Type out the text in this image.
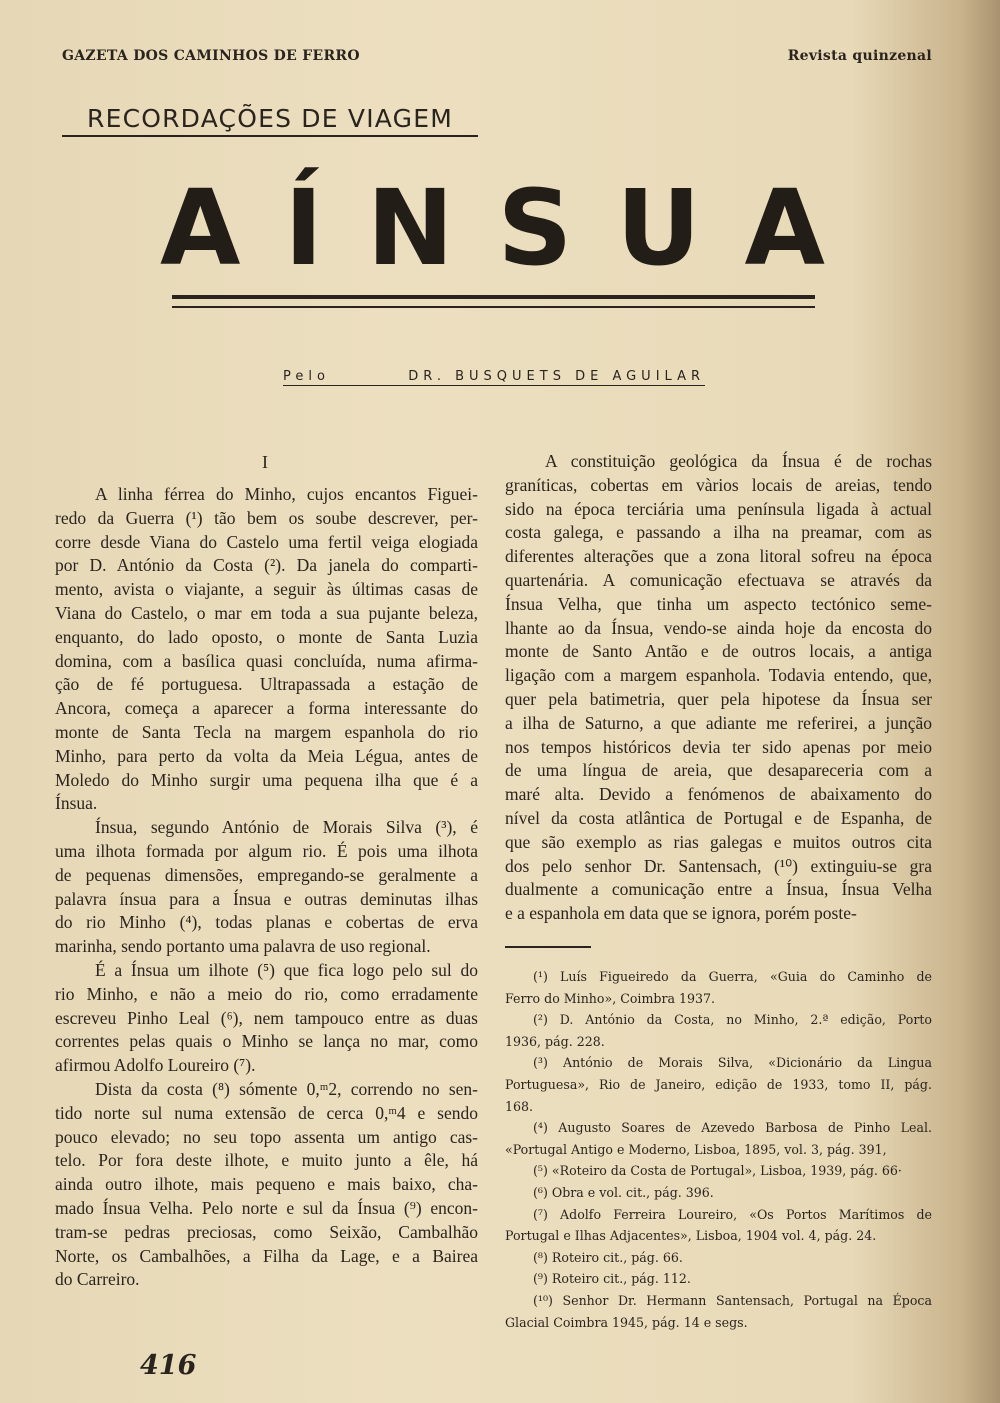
GAZETA DOS CAMINHOS DE FERRO	Revista quinzenal
RECORDAÇÕES DE VIAGEM
A Í N S U A
Pelo	DR. BUSQUETS DE AGUILAR
I
A linha férrea do Minho, cujos encantos Figuei-
redo da Guerra (¹) tão bem os soube descrever, per-
corre desde Viana do Castelo uma fertil veiga elogiada
por D. António da Costa (²). Da janela do comparti-
mento, avista o viajante, a seguir às últimas casas de
Viana do Castelo, o mar em toda a sua pujante beleza,
enquanto, do lado oposto, o monte de Santa Luzia
domina, com a basílica quasi concluída, numa afirma-
ção de fé portuguesa. Ultrapassada a estação de
Ancora, começa a aparecer a forma interessante do
monte de Santa Tecla na margem espanhola do rio
Minho, para perto da volta da Meia Légua, antes de
Moledo do Minho surgir uma pequena ilha que é a
Ínsua.
Ínsua, segundo António de Morais Silva (³), é
uma ilhota formada por algum rio. É pois uma ilhota
de pequenas dimensões, empregando-se geralmente a
palavra ínsua para a Ínsua e outras deminutas ilhas
do rio Minho (⁴), todas planas e cobertas de erva
marinha, sendo portanto uma palavra de uso regional.
É a Ínsua um ilhote (⁵) que fica logo pelo sul do
rio Minho, e não a meio do rio, como erradamente
escreveu Pinho Leal (⁶), nem tampouco entre as duas
correntes pelas quais o Minho se lança no mar, como
afirmou Adolfo Loureiro (⁷).
Dista da costa (⁸) sómente 0,ᵐ2, correndo no sen-
tido norte sul numa extensão de cerca 0,ᵐ4 e sendo
pouco elevado; no seu topo assenta um antigo cas-
telo. Por fora deste ilhote, e muito junto a êle, há
ainda outro ilhote, mais pequeno e mais baixo, cha-
mado Ínsua Velha. Pelo norte e sul da Ínsua (⁹) encon-
tram-se pedras preciosas, como Seixão, Cambalhão
Norte, os Cambalhões, a Filha da Lage, e a Bairea
do Carreiro.
A constituição geológica da Ínsua é de rochas
graníticas, cobertas em vàrios locais de areias, tendo
sido na época terciária uma península ligada à actual
costa galega, e passando a ilha na preamar, com as
diferentes alterações que a zona litoral sofreu na época
quartenária. A comunicação efectuava se através da
Ínsua Velha, que tinha um aspecto tectónico seme-
lhante ao da Ínsua, vendo-se ainda hoje da encosta do
monte de Santo Antão e de outros locais, a antiga
ligação com a margem espanhola. Todavia entendo, que,
quer pela batimetria, quer pela hipotese da Ínsua ser
a ilha de Saturno, a que adiante me referirei, a junção
nos tempos históricos devia ter sido apenas por meio
de uma língua de areia, que desapareceria com a
maré alta. Devido a fenómenos de abaixamento do
nível da costa atlântica de Portugal e de Espanha, de
que são exemplo as rias galegas e muitos outros cita
dos pelo senhor Dr. Santensach, (¹⁰) extinguiu-se gra
dualmente a comunicação entre a Ínsua, Ínsua Velha
e a espanhola em data que se ignora, porém poste-
(¹) Luís Figueiredo da Guerra, «Guia do Caminho de
Ferro do Minho», Coimbra 1937.
(²) D. António da Costa, no Minho, 2.ª edição, Porto
1936, pág. 228.
(³) António de Morais Silva, «Dicionário da Lingua
Portuguesa», Rio de Janeiro, edição de 1933, tomo II, pág.
168.
(⁴) Augusto Soares de Azevedo Barbosa de Pinho Leal.
«Portugal Antigo e Moderno, Lisboa, 1895, vol. 3, pág. 391,
(⁵) «Roteiro da Costa de Portugal», Lisboa, 1939, pág. 66·
(⁶) Obra e vol. cit., pág. 396.
(⁷) Adolfo Ferreira Loureiro, «Os Portos Marítimos de
Portugal e Ilhas Adjacentes», Lisboa, 1904 vol. 4, pág. 24.
(⁸) Roteiro cit., pág. 66.
(⁹) Roteiro cit., pág. 112.
(¹⁰) Senhor Dr. Hermann Santensach, Portugal na Época
Glacial Coimbra 1945, pág. 14 e segs.
416
